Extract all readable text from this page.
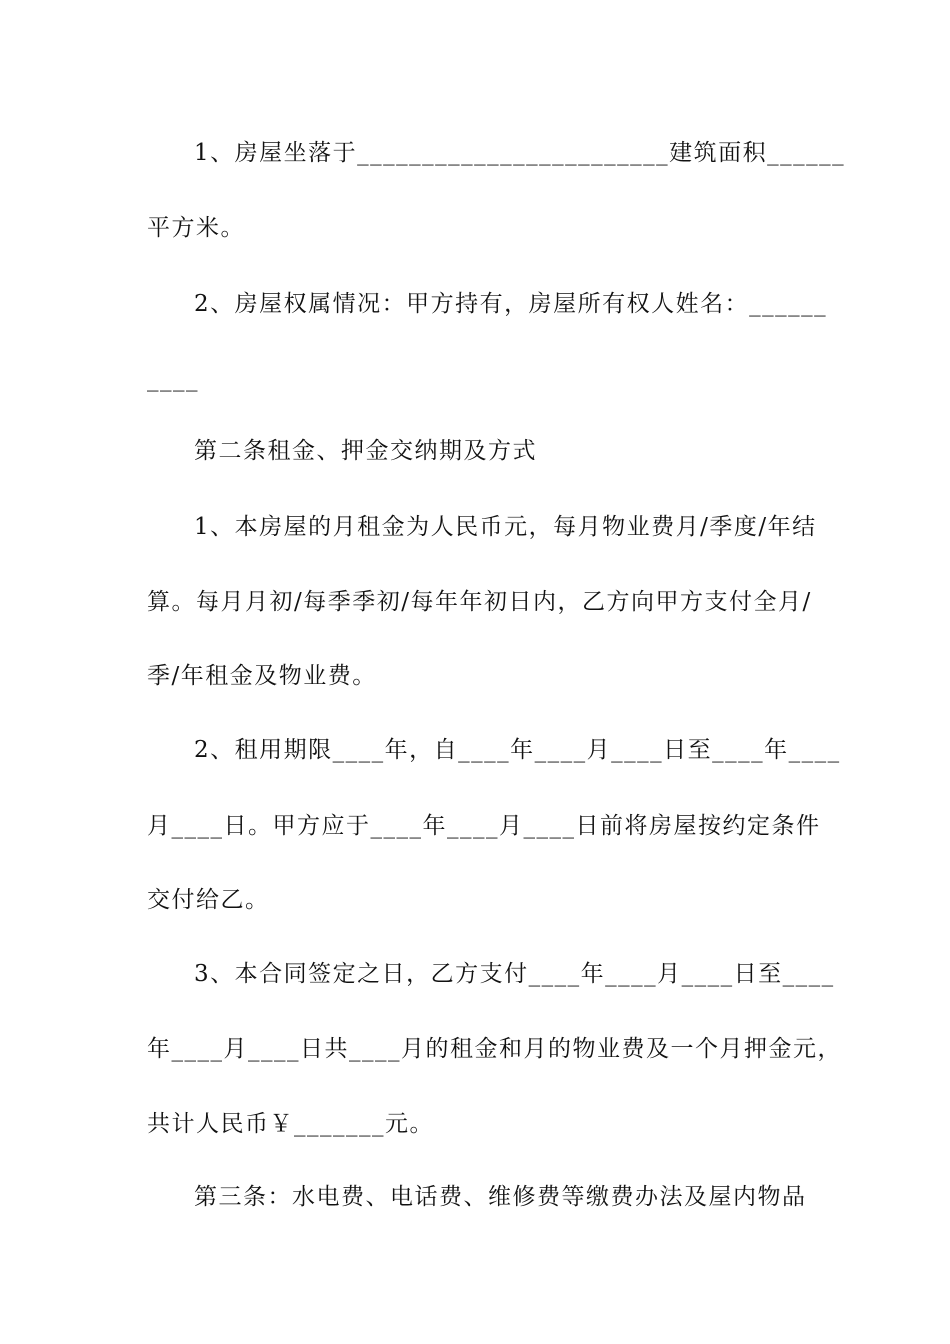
1、房屋坐落于________________________建筑面积______
平方米。
2、房屋权属情况：甲方持有，房屋所有权人姓名：______
____
第二条租金、押金交纳期及方式
1、本房屋的月租金为人民币元，每月物业费月/季度/年结
算。每月月初/每季季初/每年年初日内，乙方向甲方支付全月/
季/年租金及物业费。
2、租用期限____年，自____年____月____日至____年____
月____日。甲方应于____年____月____日前将房屋按约定条件
交付给乙。
3、本合同签定之日，乙方支付____年____月____日至____
年____月____日共____月的租金和月的物业费及一个月押金元，
共计人民币￥_______元。
第三条：水电费、电话费、维修费等缴费办法及屋内物品
